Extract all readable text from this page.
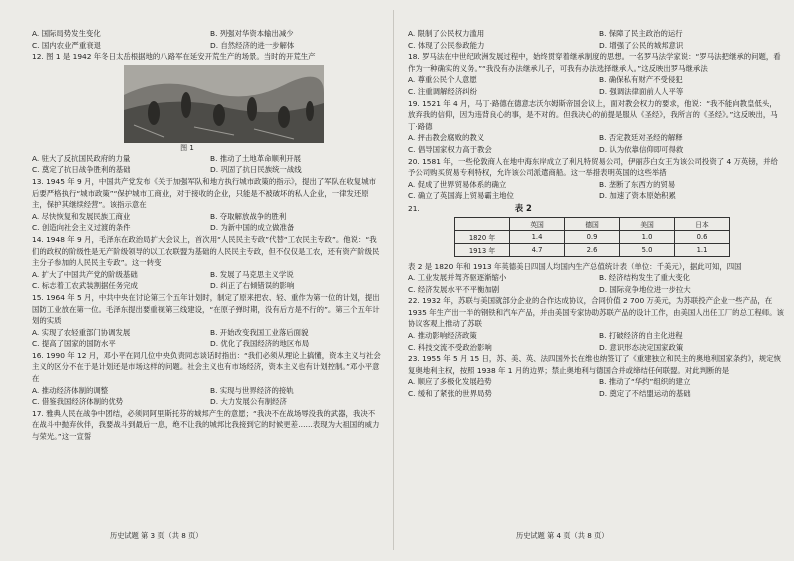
A. 国际局势发生变化	B. 列强对华资本输出减少
C. 国内农业严重衰退	D. 自然经济的进一步解体

12. 图 1 是 1942 年冬日太岳根据地的八路军在延安开荒生产的场景。当时的开荒生产

图 1
A. 驻大了反抗国民政府的力量	B. 推动了土地革命顺利开展
C. 奠定了抗日战争胜利的基础	D. 巩固了抗日民族统一战线

13. 1945 年 9 月，中国共产党发布《关于加强军队和地方执行城市政策的指示》，提出了军队在收复城市后要严格执行“城市政策”“保护城市工商业，对于接收的企业，只能是不被破坏的私人企业，一律发还原主，保护其继续经营”。该指示意在

A. 尽快恢复和发展民族工商业	B. 夺取解放战争的胜利
C. 创造向社会主义过渡的条件	D. 为新中国的成立做准备

14. 1948 年 9 月，毛泽东在政治局扩大会议上，首次用“人民民主专政”代替“工农民主专政”。他说：“我们的政权的阶级性是无产阶级领导的以工农联盟为基础的人民民主专政，但不仅仅是工农，还有资产阶级民主分子参加的人民民主专政”。这一转变

A. 扩大了中国共产党的阶级基础	B. 发展了马克思主义学说
C. 标志着工农武装割据任务完成	D. 纠正了右倾错误的影响

15. 1964 年 5 月，中共中央在讨论第三个五年计划时，制定了原来把农、轻、重作为第一位的计划，提出国防工业放在第一位。毛泽东提出要重视第三线建设，“在原子弹时期，没有后方是不行的”。第三个五年计划的实质

A. 实现了农轻重部门协调发展	B. 开始改变我国工业落后面貌
C. 提高了国家的国防水平	D. 优化了我国经济的地区布局

16. 1990 年 12 月，邓小平在同几位中央负责同志谈话时指出：“我们必须从理论上搞懂，资本主义与社会主义的区分不在于是计划还是市场这样的问题。社会主义也有市场经济，资本主义也有计划控制。”邓小平意在

A. 推动经济体制的调整	B. 实现与世界经济的接轨
C. 借鉴我国经济体制的优势	D. 大力发展公有制经济

17. 雅典人民在战争中团结，必须同阿里斯托芬的城邦产生的意愿；“我决不在战场辱没我的武器，我决不在战斗中抛弃伙伴，我要战斗到最后一息，绝不让我的城邦比我接到它的时候更差……表现为大祖国的威力与荣光。”这一宣誓

历史试题 第 3 页（共 8 页）
A. 限制了公民权力滥用	B. 保障了民主政治的运行
C. 体现了公民参政能力	D. 增强了公民的城邦意识

18. 罗马法在中世纪欧洲发展过程中，始终贯穿着继承制度的思想。一名罗马法学家说：“罗马法把继承的问题，看作为一种确实的义务。”“我没有办法继承儿子，可我有办法选择继承人。”这反映出罗马继承法

A. 尊重公民个人意愿	B. 确保私有财产不受侵犯
C. 注重调解经济纠纷	D. 强调法律面前人人平等

19. 1521 年 4 月，马丁·路德在德意志沃尔姆斯帝国会议上，面对教会权力的要求，他说：“我不能向教皇低头，放弃我的信仰，因为违背良心的事，是不对的。但我决心的前提是服从《圣经》，我所言的《圣经》。”这反映出，马丁·路德

A. 抨击教会腐败的教义	B. 否定教廷对圣经的解释
C. 倡导国家权力高于教会	D. 认为依靠信仰即可得救

20. 1581 年，一些伦敦商人在地中海东岸成立了利凡特贸易公司，伊丽莎白女王为该公司投资了 4 万英镑，并给予公司购买贸易专利特权，允许该公司派遣商船。这一举措表明英国的这些举措

A. 促成了世界贸易体系的确立	B. 垄断了东西方的贸易
C. 确立了英国海上贸易霸主地位	D. 加速了资本原始积累
21.	表 2
	英国	德国	美国	日本
1820 年	1.4	0.9	1.0	0.6
1913 年	4.7	2.6	5.0	1.1

表 2 是 1820 年和 1913 年英德美日四国人均国内生产总值统计表（单位：千美元），据此可知，四国

A. 工业发展并驾齐驱逐渐缩小	B. 经济结构发生了重大变化
C. 经济发展水平不平衡加剧	D. 国际竞争地位进一步拉大

22. 1932 年，苏联与美国就部分企业的合作达成协议，合同价值 2 700 万美元，为苏联投产企业一些产品，在 1935 年生产出一半的钢铁和汽车产品，并由美国专家协助苏联产品的设计工作，由美国人出任工厂的总工程师。该协议客观上推动了苏联

A. 推动影响经济政策	B. 打破经济的自主化进程
C. 科技交流不受政治影响	D. 意识形态决定国家政策

23. 1955 年 5 月 15 日，苏、美、英、法四国外长在维也纳签订了《重建独立和民主的奥地利国家条约》，规定恢复奥地利主权，按照 1938 年 1 月的边界；禁止奥地利与德国合并或缔结任何联盟。对此判断的是

A. 顺应了多极化发展趋势	B. 推动了“华约”组织的建立
C. 缓和了紧张的世界局势	D. 奠定了不结盟运动的基础
历史试题 第 4 页（共 8 页）
